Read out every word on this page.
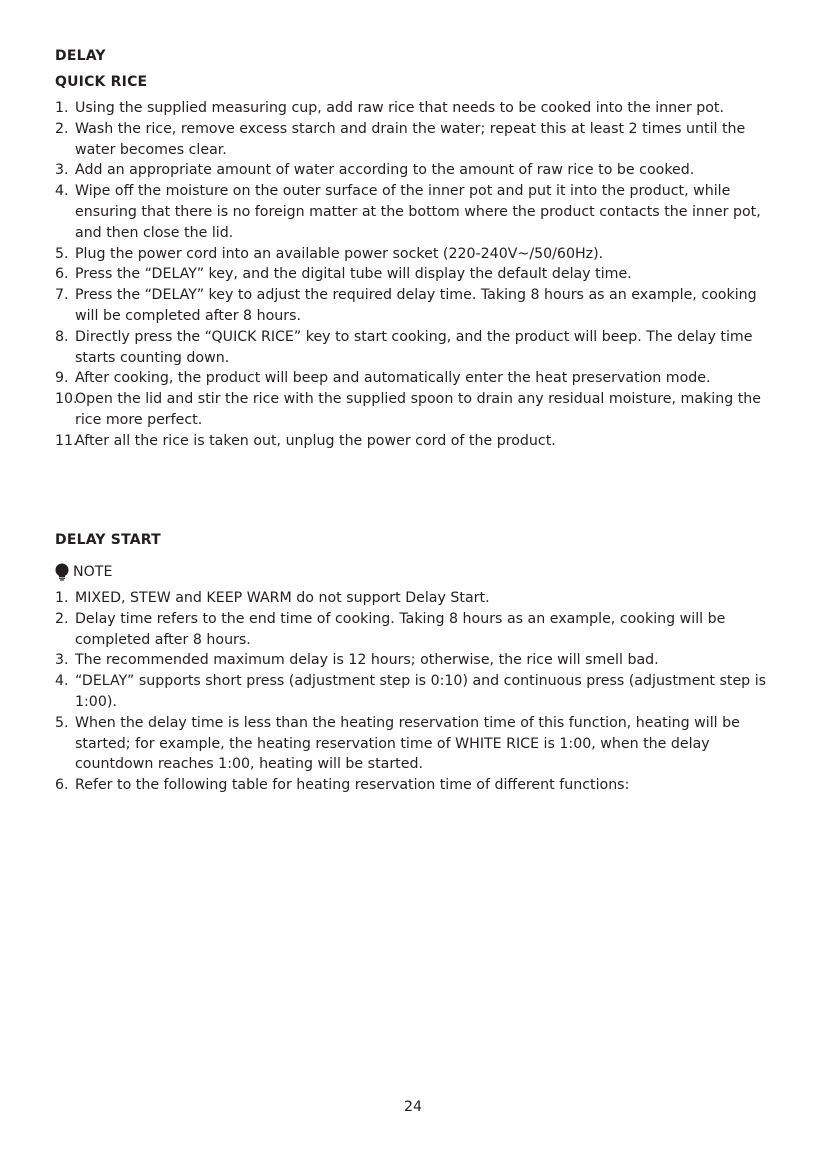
DELAY
QUICK RICE
1. Using the supplied measuring cup, add raw rice that needs to be cooked into the inner pot.
2. Wash the rice, remove excess starch and drain the water; repeat this at least 2 times until the water becomes clear.
3. Add an appropriate amount of water according to the amount of raw rice to be cooked.
4. Wipe off the moisture on the outer surface of the inner pot and put it into the product, while ensuring that there is no foreign matter at the bottom where the product contacts the inner pot, and then close the lid.
5. Plug the power cord into an available power socket (220-240V~/50/60Hz).
6. Press the “DELAY” key, and the digital tube will display the default delay time.
7. Press the “DELAY” key to adjust the required delay time. Taking 8 hours as an example, cooking will be completed after 8 hours.
8. Directly press the “QUICK RICE” key to start cooking, and the product will beep. The delay time starts counting down.
9. After cooking, the product will beep and automatically enter the heat preservation mode.
10.
Open the lid and stir the rice with the supplied spoon to drain any residual moisture, making the rice more perfect.
11.
After all the rice is taken out, unplug the power cord of the product.
DELAY START
NOTE
1. MIXED, STEW and KEEP WARM do not support Delay Start.
2. Delay time refers to the end time of cooking. Taking 8 hours as an example, cooking will be completed after 8 hours.
3. The recommended maximum delay is 12 hours; otherwise, the rice will smell bad.
4. “DELAY” supports short press (adjustment step is 0:10) and continuous press (adjustment step is 1:00).
5. When the delay time is less than the heating reservation time of this function, heating will be started; for example, the heating reservation time of WHITE RICE is 1:00, when the delay countdown reaches 1:00, heating will be started.
6. Refer to the following table for heating reservation time of different functions:
24
